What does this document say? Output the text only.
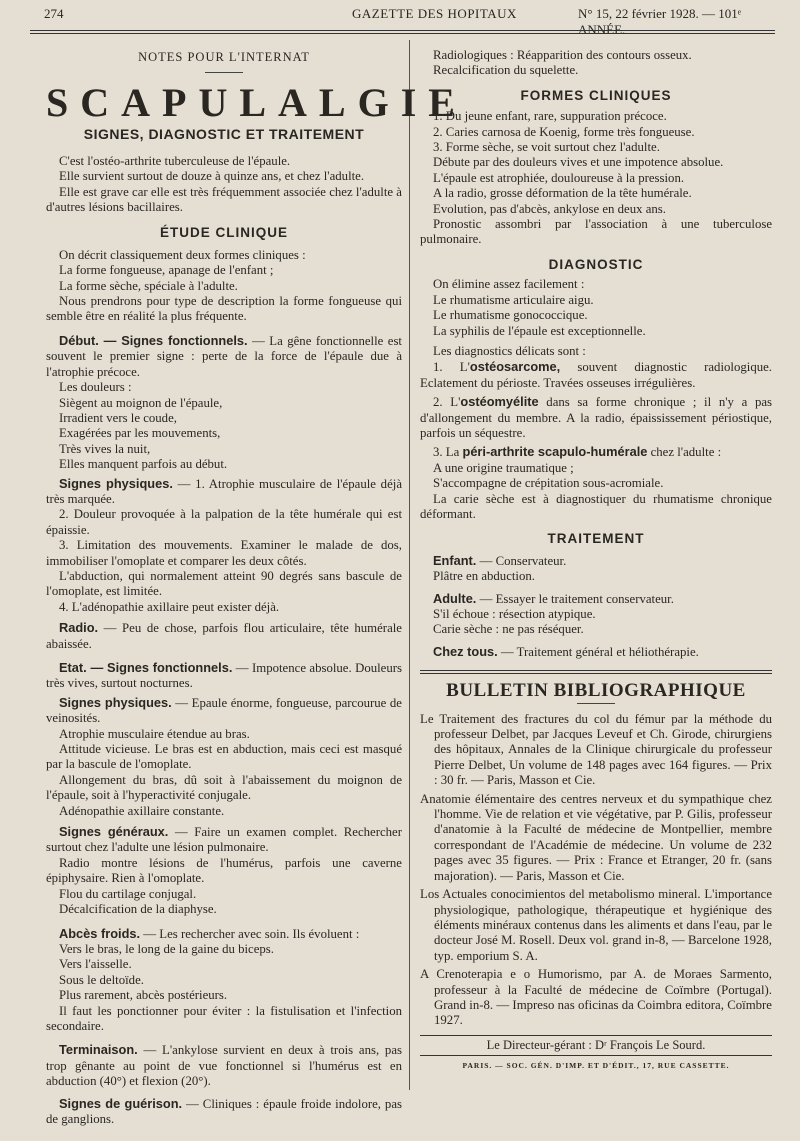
274	GAZETTE DES HOPITAUX	N° 15, 22 février 1928. — 101ᵉ ANNÉE.

NOTES POUR L'INTERNAT

SCAPULALGIE

SIGNES, DIAGNOSTIC ET TRAITEMENT

C'est l'ostéo-arthrite tuberculeuse de l'épaule.

Elle survient surtout de douze à quinze ans, et chez l'adulte.

Elle est grave car elle est très fréquemment associée chez l'adulte à d'autres lésions bacillaires.

ÉTUDE CLINIQUE

On décrit classiquement deux formes cliniques :

La forme fongueuse, apanage de l'enfant ;

La forme sèche, spéciale à l'adulte.

Nous prendrons pour type de description la forme fongueuse qui semble être en réalité la plus fréquente.

Début. — Signes fonctionnels. — La gêne fonctionnelle est souvent le premier signe : perte de la force de l'épaule due à l'atrophie précoce.

Les douleurs :

Siègent au moignon de l'épaule,

Irradient vers le coude,

Exagérées par les mouvements,

Très vives la nuit,

Elles manquent parfois au début.

Signes physiques. — 1. Atrophie musculaire de l'épaule déjà très marquée.

2. Douleur provoquée à la palpation de la tête humérale qui est épaissie.

3. Limitation des mouvements. Examiner le malade de dos, immobiliser l'omoplate et comparer les deux côtés.

L'abduction, qui normalement atteint 90 degrés sans bascule de l'omoplate, est limitée.

4. L'adénopathie axillaire peut exister déjà.

Radio. — Peu de chose, parfois flou articulaire, tête humérale abaissée.

Etat. — Signes fonctionnels. — Impotence absolue. Douleurs très vives, surtout nocturnes.

Signes physiques. — Epaule énorme, fongueuse, parcourue de veinosités.

Atrophie musculaire étendue au bras.

Attitude vicieuse. Le bras est en abduction, mais ceci est masqué par la bascule de l'omoplate.

Allongement du bras, dû soit à l'abaissement du moignon de l'épaule, soit à l'hyperactivité conjugale.

Adénopathie axillaire constante.

Signes généraux. — Faire un examen complet. Rechercher surtout chez l'adulte une lésion pulmonaire.

Radio montre lésions de l'humérus, parfois une caverne épiphysaire. Rien à l'omoplate.

Flou du cartilage conjugal.

Décalcification de la diaphyse.

Abcès froids. — Les rechercher avec soin. Ils évoluent :

Vers le bras, le long de la gaine du biceps.

Vers l'aisselle.

Sous le deltoïde.

Plus rarement, abcès postérieurs.

Il faut les ponctionner pour éviter : la fistulisation et l'infection secondaire.

Terminaison. — L'ankylose survient en deux à trois ans, pas trop gênante au point de vue fonctionnel si l'humérus est en abduction (40°) et flexion (20°).

Signes de guérison. — Cliniques : épaule froide indolore, pas de ganglions.

Radiologiques : Réapparition des contours osseux.

Recalcification du squelette.

FORMES CLINIQUES

1. Du jeune enfant, rare, suppuration précoce.

2. Caries carnosa de Koenig, forme très fongueuse.

3. Forme sèche, se voit surtout chez l'adulte.

Débute par des douleurs vives et une impotence absolue.

L'épaule est atrophiée, douloureuse à la pression.

A la radio, grosse déformation de la tête humérale.

Evolution, pas d'abcès, ankylose en deux ans.

Pronostic assombri par l'association à une tuberculose pulmonaire.

DIAGNOSTIC

On élimine assez facilement :

Le rhumatisme articulaire aigu.

Le rhumatisme gonococcique.

La syphilis de l'épaule est exceptionnelle.

Les diagnostics délicats sont :

1. L'ostéosarcome, souvent diagnostic radiologique. Eclatement du périoste. Travées osseuses irrégulières.

2. L'ostéomyélite dans sa forme chronique ; il n'y a pas d'allongement du membre. A la radio, épaississement périostique, parfois un séquestre.

3. La péri-arthrite scapulo-humérale chez l'adulte :

A une origine traumatique ;

S'accompagne de crépitation sous-acromiale.

La carie sèche est à diagnostiquer du rhumatisme chronique déformant.

TRAITEMENT

Enfant. — Conservateur.

Plâtre en abduction.

Adulte. — Essayer le traitement conservateur.

S'il échoue : résection atypique.

Carie sèche : ne pas réséquer.

Chez tous. — Traitement général et héliothérapie.

BULLETIN BIBLIOGRAPHIQUE

Le Traitement des fractures du col du fémur par la méthode du professeur Delbet, par Jacques Leveuf et Ch. Girode, chirurgiens des hôpitaux, Annales de la Clinique chirurgicale du professeur Pierre Delbet, Un volume de 148 pages avec 164 figures. — Prix : 30 fr. — Paris, Masson et Cie.

Anatomie élémentaire des centres nerveux et du sympathique chez l'homme. Vie de relation et vie végétative, par P. Gilis, professeur d'anatomie à la Faculté de médecine de Montpellier, membre correspondant de l'Académie de médecine. Un volume de 232 pages avec 35 figures. — Prix : France et Etranger, 20 fr. (sans majoration). — Paris, Masson et Cie.

Los Actuales conocimientos del metabolismo mineral. L'importance physiologique, pathologique, thérapeutique et hygiénique des éléments minéraux contenus dans les aliments et dans l'eau, par le docteur José M. Rosell. Deux vol. grand in-8, — Barcelone 1928, typ. emporium S. A.

A Crenoterapia e o Humorismo, par A. de Moraes Sarmento, professeur à la Faculté de médecine de Coïmbre (Portugal). Grand in-8. — Impreso nas oficinas da Coimbra editora, Coïmbre 1927.

Le Directeur-gérant : Dʳ François Le Sourd.

PARIS. — SOC. GÉN. D'IMP. ET D'ÉDIT., 17, RUE CASSETTE.
